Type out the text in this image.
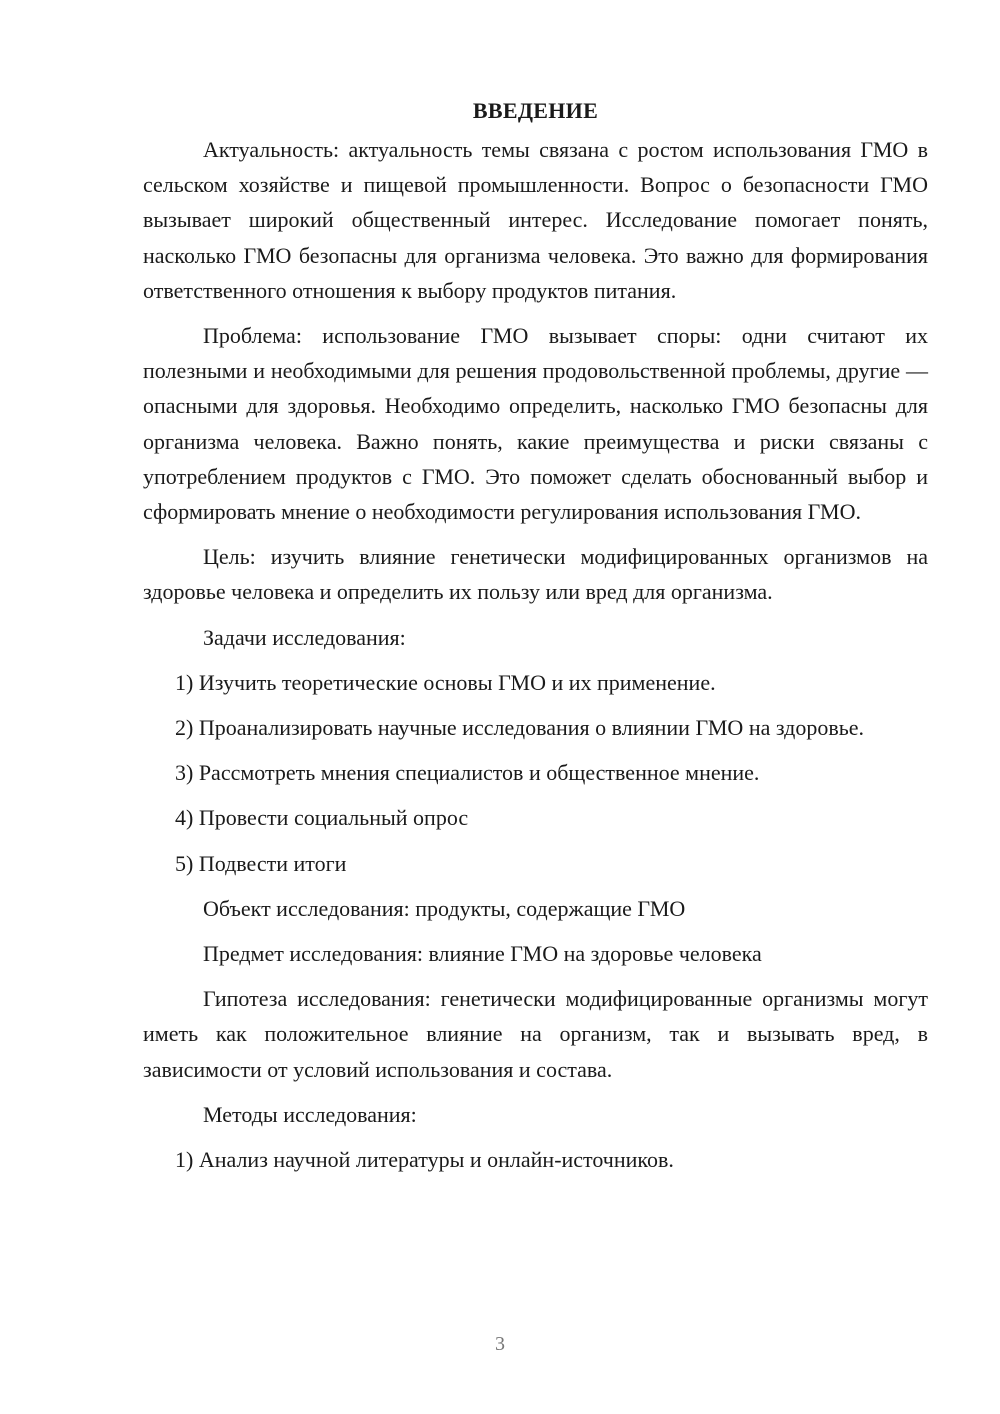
ВВЕДЕНИЕ

Актуальность: актуальность темы связана с ростом использования ГМО в сельском хозяйстве и пищевой промышленности. Вопрос о безопасности ГМО вызывает широкий общественный интерес. Исследование помогает понять, насколько ГМО безопасны для организма человека. Это важно для формирования ответственного отношения к выбору продуктов питания.

Проблема: использование ГМО вызывает споры: одни считают их полезными и необходимыми для решения продовольственной проблемы, другие — опасными для здоровья. Необходимо определить, насколько ГМО безопасны для организма человека. Важно понять, какие преимущества и риски связаны с употреблением продуктов с ГМО. Это поможет сделать обоснованный выбор и сформировать мнение о необходимости регулирования использования ГМО.

Цель: изучить влияние генетически модифицированных организмов на здоровье человека и определить их пользу или вред для организма.

Задачи исследования:

1) Изучить теоретические основы ГМО и их применение.

2) Проанализировать научные исследования о влиянии ГМО на здоровье.

3) Рассмотреть мнения специалистов и общественное мнение.

4) Провести социальный опрос

5) Подвести итоги

Объект исследования: продукты, содержащие ГМО

Предмет исследования: влияние ГМО на здоровье человека

Гипотеза исследования: генетически модифицированные организмы могут иметь как положительное влияние на организм, так и вызывать вред, в зависимости от условий использования и состава.

Методы исследования:

1) Анализ научной литературы и онлайн-источников.

3
